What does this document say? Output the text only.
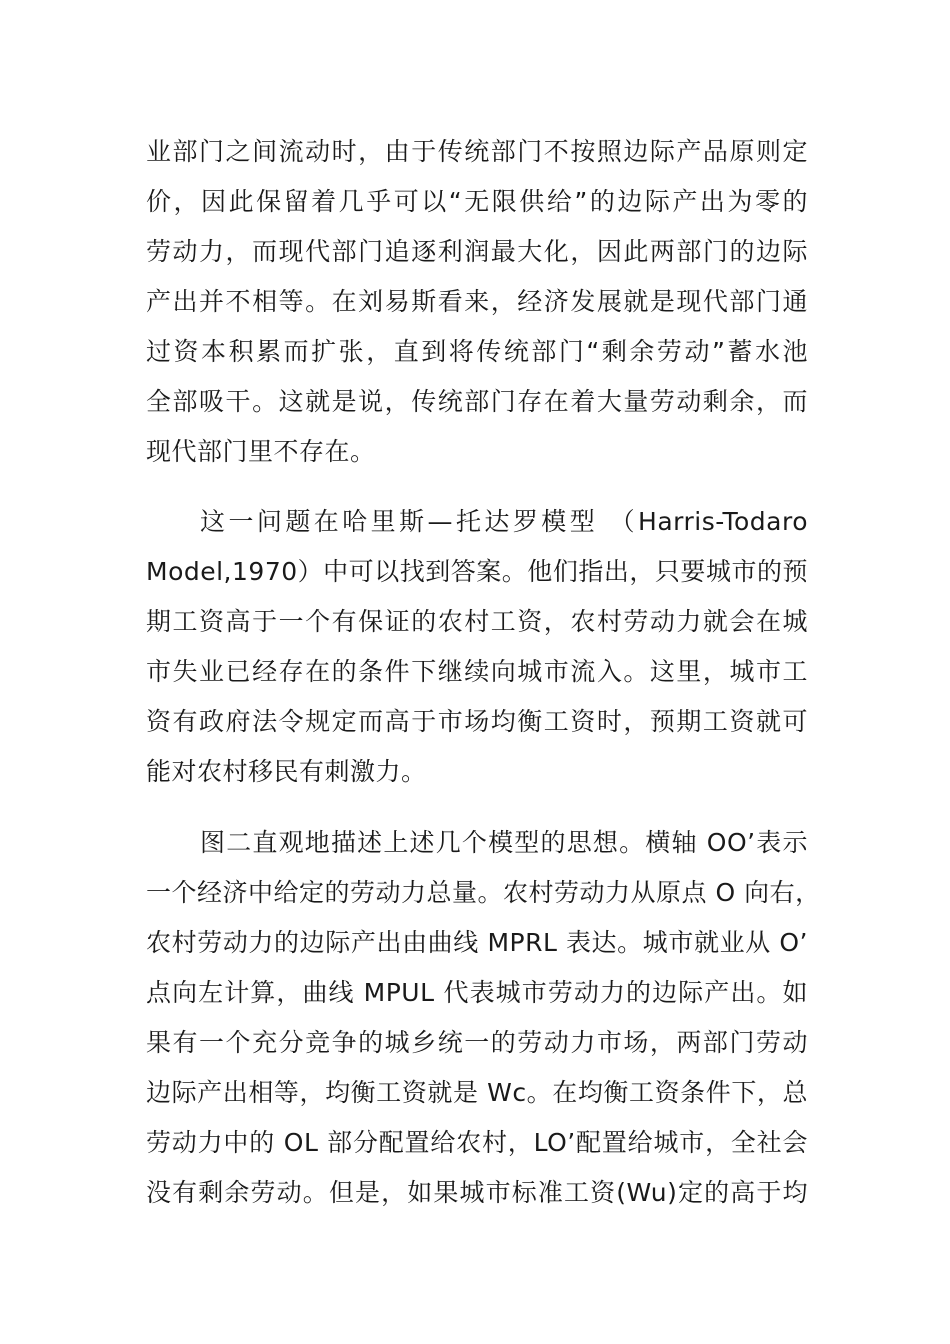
业部门之间流动时，由于传统部门不按照边际产品原则定
价，因此保留着几乎可以“无限供给”的边际产出为零的
劳动力，而现代部门追逐利润最大化，因此两部门的边际
产出并不相等。在刘易斯看来，经济发展就是现代部门通
过资本积累而扩张，直到将传统部门“剩余劳动”蓄水池
全部吸干。这就是说，传统部门存在着大量劳动剩余，而
现代部门里不存在。
这一问题在哈里斯—托达罗模型 （Harris-Todaro
Model,1970）中可以找到答案。他们指出，只要城市的预
期工资高于一个有保证的农村工资，农村劳动力就会在城
市失业已经存在的条件下继续向城市流入。这里，城市工
资有政府法令规定而高于市场均衡工资时，预期工资就可
能对农村移民有刺激力。
图二直观地描述上述几个模型的思想。横轴 OO’表示
一个经济中给定的劳动力总量。农村劳动力从原点 O 向右，
农村劳动力的边际产出由曲线 MPRL 表达。城市就业从 O’
点向左计算，曲线 MPUL 代表城市劳动力的边际产出。如
果有一个充分竞争的城乡统一的劳动力市场，两部门劳动
边际产出相等，均衡工资就是 Wc。在均衡工资条件下，总
劳动力中的 OL 部分配置给农村，LO’配置给城市，全社会
没有剩余劳动。但是，如果城市标准工资(Wu)定的高于均
